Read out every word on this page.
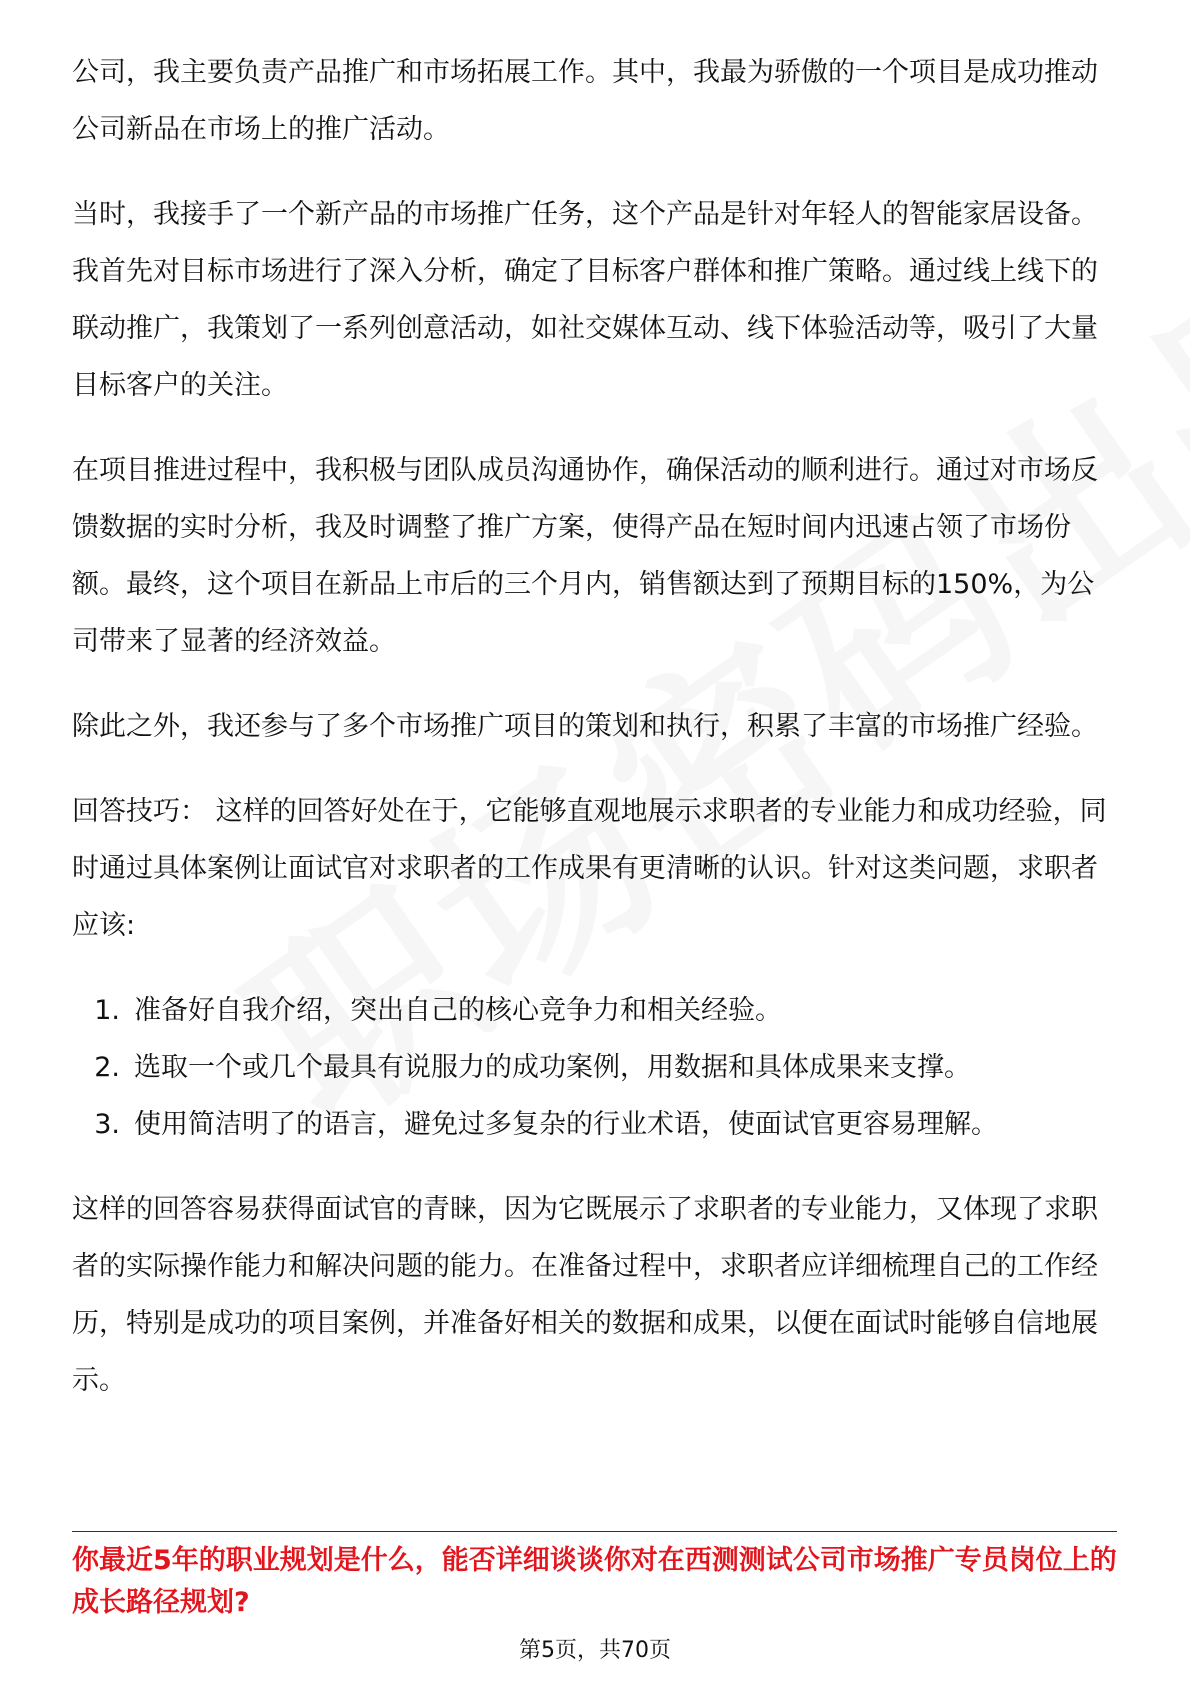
公司，我主要负责产品推广和市场拓展工作。其中，我最为骄傲的一个项目是成功推动公司新品在市场上的推广活动。

当时，我接手了一个新产品的市场推广任务，这个产品是针对年轻人的智能家居设备。我首先对目标市场进行了深入分析，确定了目标客户群体和推广策略。通过线上线下的联动推广，我策划了一系列创意活动，如社交媒体互动、线下体验活动等，吸引了大量目标客户的关注。

在项目推进过程中，我积极与团队成员沟通协作，确保活动的顺利进行。通过对市场反馈数据的实时分析，我及时调整了推广方案，使得产品在短时间内迅速占领了市场份额。最终，这个项目在新品上市后的三个月内，销售额达到了预期目标的150%，为公司带来了显著的经济效益。

除此之外，我还参与了多个市场推广项目的策划和执行，积累了丰富的市场推广经验。

回答技巧： 这样的回答好处在于，它能够直观地展示求职者的专业能力和成功经验，同时通过具体案例让面试官对求职者的工作成果有更清晰的认识。针对这类问题，求职者应该:

1. 准备好自我介绍，突出自己的核心竞争力和相关经验。
2. 选取一个或几个最具有说服力的成功案例，用数据和具体成果来支撑。
3. 使用简洁明了的语言，避免过多复杂的行业术语，使面试官更容易理解。

这样的回答容易获得面试官的青睐，因为它既展示了求职者的专业能力，又体现了求职者的实际操作能力和解决问题的能力。在准备过程中，求职者应详细梳理自己的工作经历，特别是成功的项目案例，并准备好相关的数据和成果，以便在面试时能够自信地展示。

你最近5年的职业规划是什么，能否详细谈谈你对在西测测试公司市场推广专员岗位上的成长路径规划?
第5页，共70页
